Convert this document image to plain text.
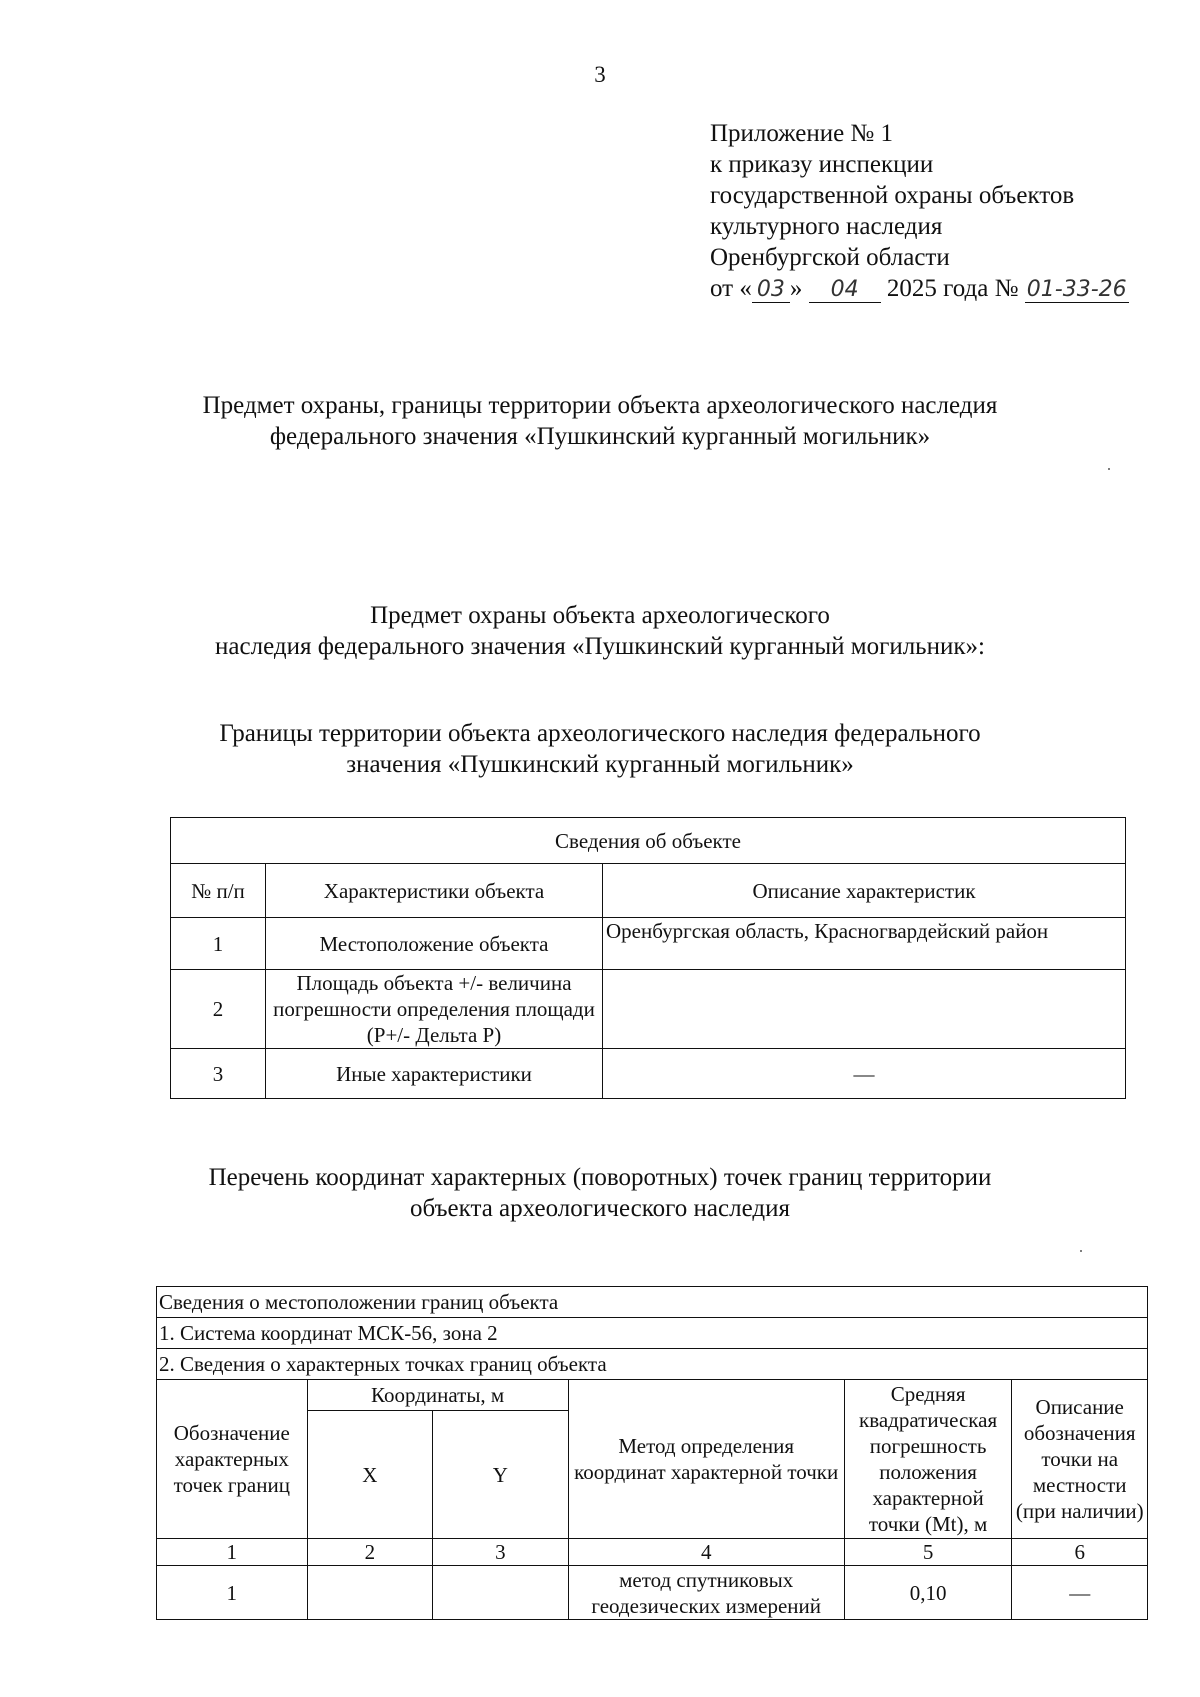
3
Приложение № 1
к приказу инспекции
государственной охраны объектов
культурного наследия
Оренбургской области
от « 03 » 04 2025 года № 01-33-26
Предмет охраны, границы территории объекта археологического наследия
федерального значения «Пушкинский курганный могильник»
Предмет охраны объекта археологического
наследия федерального значения «Пушкинский курганный могильник»:
Границы территории объекта археологического наследия федерального
значения «Пушкинский курганный могильник»
Сведения об объекте		
№ п/п	Характеристики объекта	Описание характеристик
1	Местоположение объекта	Оренбургская область, Красногвардейский район
2	Площадь объекта +/- величина погрешности определения площади (P+/- Дельта P)	
3	Иные характеристики	—
Перечень координат характерных (поворотных) точек границ территории
объекта археологического наследия
Сведения о местоположении границ объекта					
1. Система координат МСК-56, зона 2					
2. Сведения о характерных точках границ объекта					
Обозначение характерных точек границ	Координаты, м		Метод определения координат характерной точки	Средняя квадратическая погрешность положения характерной точки (Mt), м	Описание обозначения точки на местности (при наличии)
	X	Y			
1	2	3	4	5	6
1			метод спутниковых геодезических измерений	0,10	—
